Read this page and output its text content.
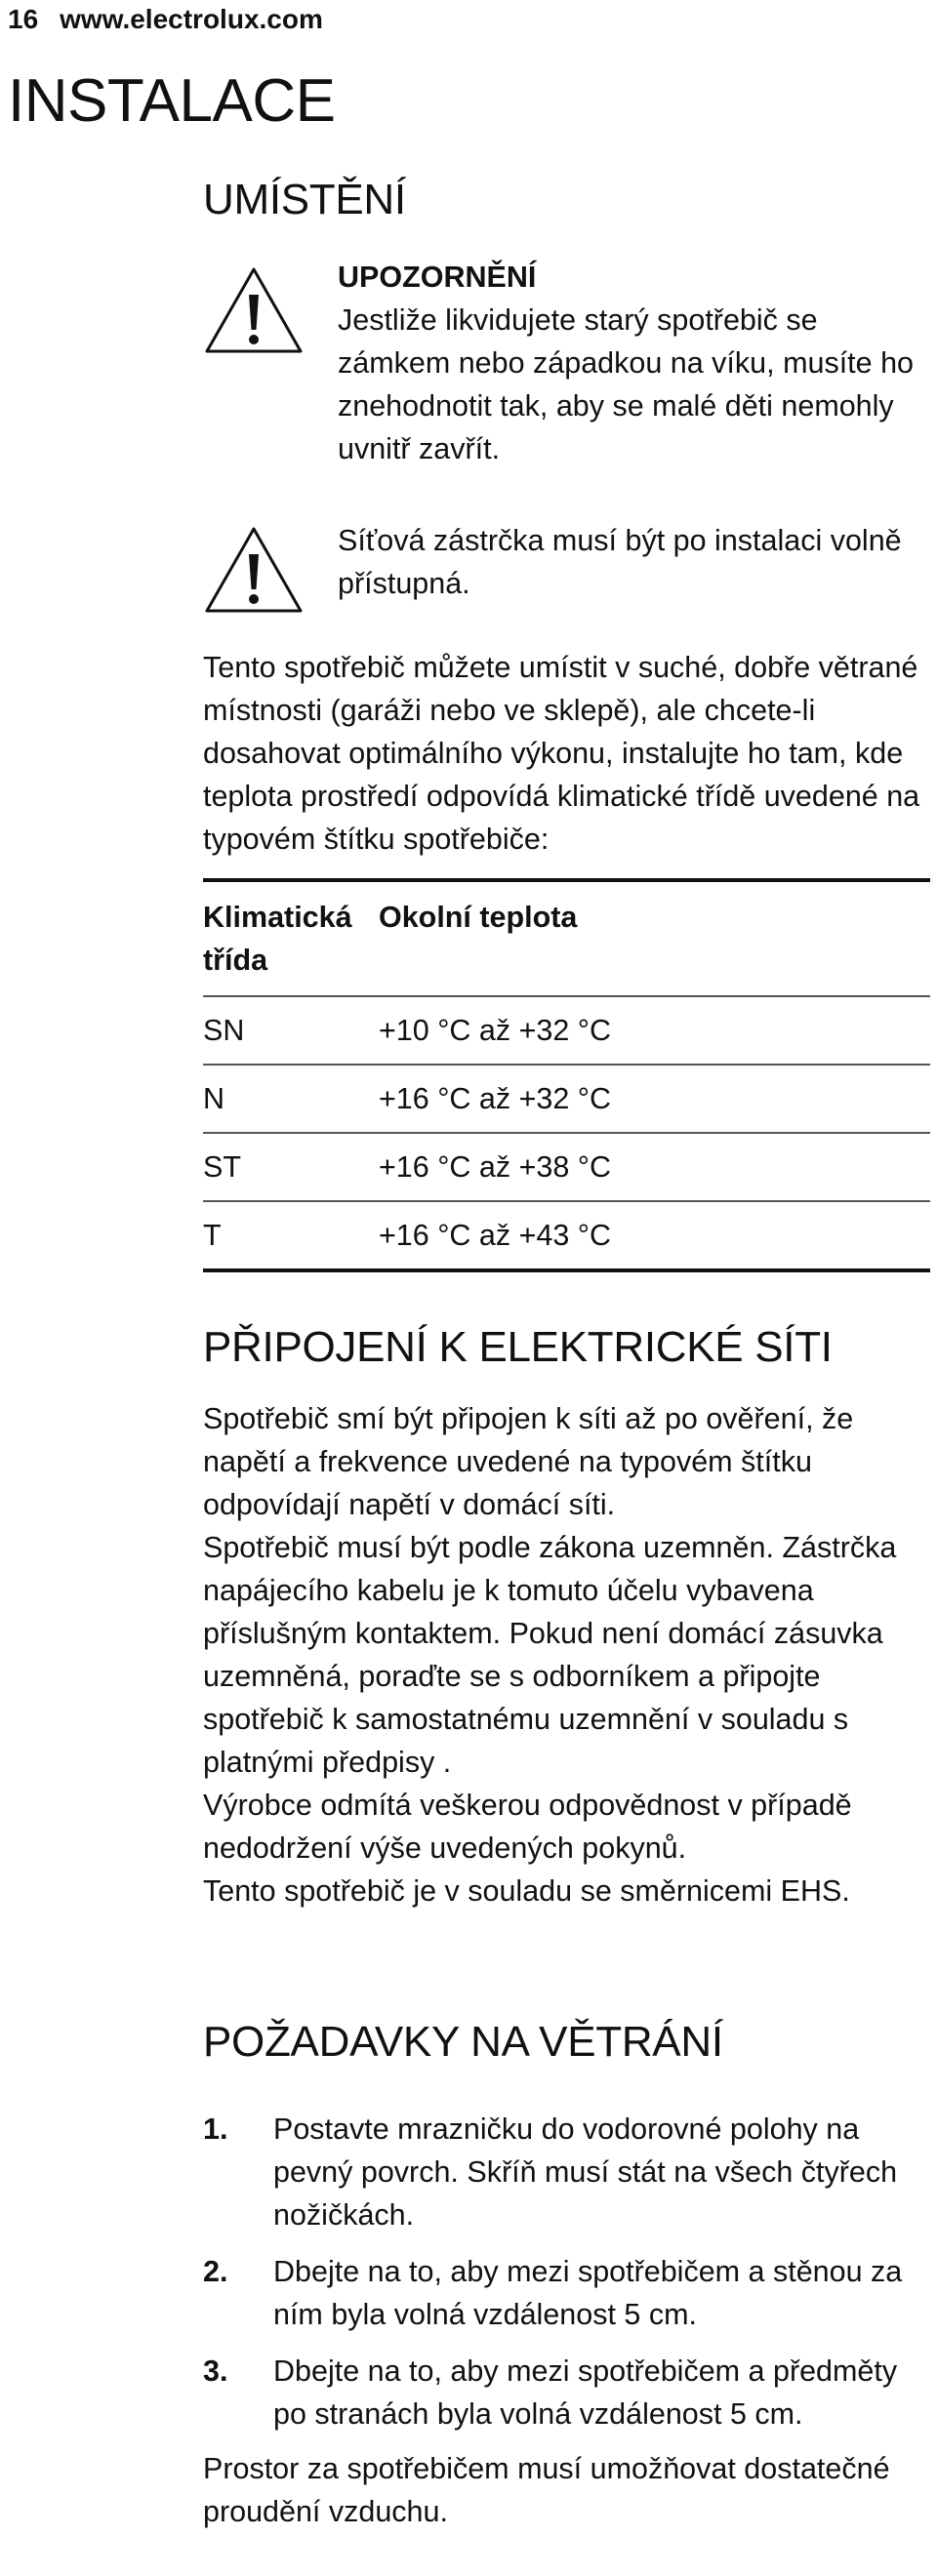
16 www.electrolux.com
INSTALACE
UMÍSTĚNÍ

UPOZORNĚNÍ

Jestliže likvidujete starý spotřebič se zámkem nebo západkou na víku, musíte ho znehodnotit tak, aby se malé děti nemohly uvnitř zavřít.

Síťová zástrčka musí být po instalaci volně přístupná.

Tento spotřebič můžete umístit v suché, dobře větrané místnosti (garáži nebo ve sklepě), ale chcete-li dosahovat optimálního výkonu, instalujte ho tam, kde teplota prostředí odpovídá klimatické třídě uvedené na typovém štítku spotřebiče:

Klimatická třída	Okolní teplota
SN	+10 °C až +32 °C
N	+16 °C až +32 °C
ST	+16 °C až +38 °C
T	+16 °C až +43 °C
PŘIPOJENÍ K ELEKTRICKÉ SÍTI

Spotřebič smí být připojen k síti až po ověření, že napětí a frekvence uvedené na typovém štítku odpovídají napětí v domácí síti.

Spotřebič musí být podle zákona uzemněn. Zástrčka napájecího kabelu je k tomuto účelu vybavena příslušným kontaktem. Pokud není domácí zásuvka uzemněná, poraďte se s odborníkem a připojte spotřebič k samostatnému uzemnění v souladu s platnými předpisy .

Výrobce odmítá veškerou odpovědnost v případě nedodržení výše uvedených pokynů.

Tento spotřebič je v souladu se směrnicemi EHS.

POŽADAVKY NA VĚTRÁNÍ
1.	Postavte mrazničku do vodorovné polohy na pevný povrch. Skříň musí stát na všech čtyřech nožičkách.
2.	Dbejte na to, aby mezi spotřebičem a stěnou za ním byla volná vzdálenost 5 cm.
3.	Dbejte na to, aby mezi spotřebičem a předměty po stranách byla volná vzdálenost 5 cm.

Prostor za spotřebičem musí umožňovat dostatečné proudění vzduchu.
